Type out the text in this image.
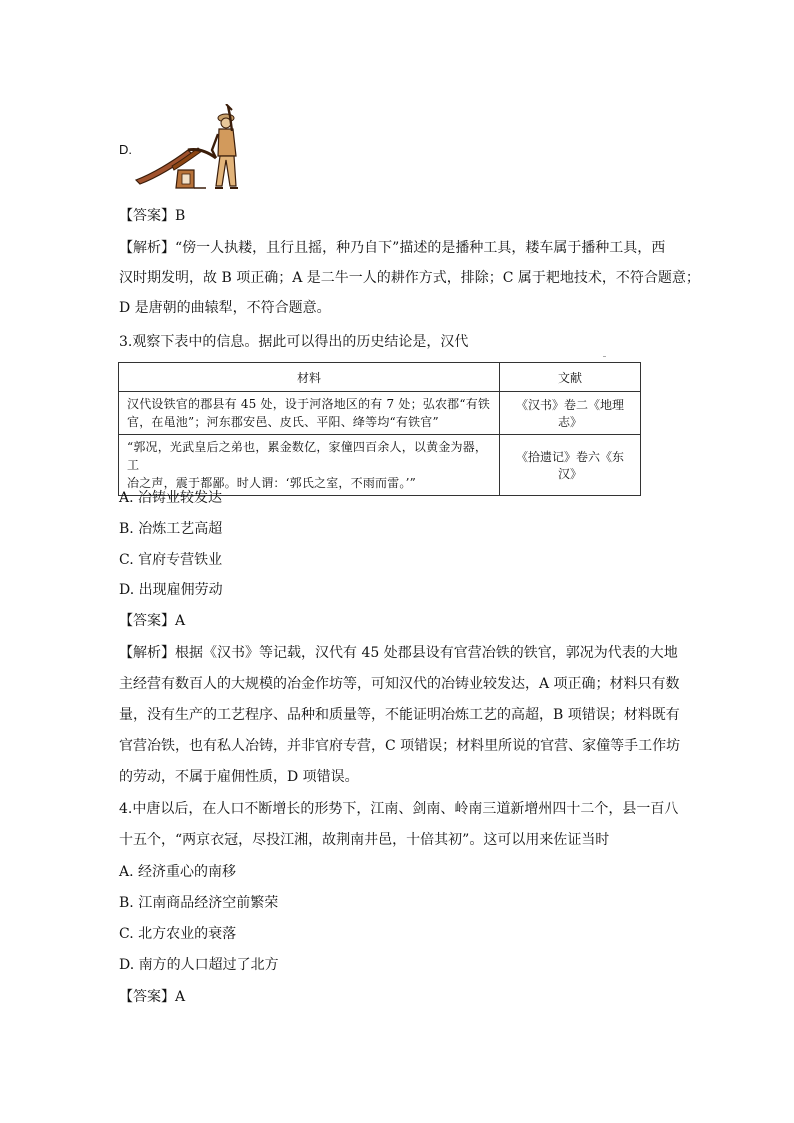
D.
【答案】B
【解析】“傍一人执耧，且行且摇，种乃自下”描述的是播种工具，耧车属于播种工具，西
汉时期发明，故 B 项正确；A 是二牛一人的耕作方式，排除；C 属于耙地技术，不符合题意；
D 是唐朝的曲辕犁，不符合题意。
3.观察下表中的信息。据此可以得出的历史结论是，汉代
材料	文献

汉代设铁官的郡县有 45 处，设于河洛地区的有 7 处；弘农郡“有铁
官，在黾池”；河东郡安邑、皮氏、平阳、绛等均“有铁官”	《汉书》卷二《地理志》

“郭况，光武皇后之弟也，累金数亿，家僮四百余人，以黄金为器，工
冶之声，震于都鄙。时人谓：‘郭氏之室，不雨而雷。’”	《拾遗记》卷六《东汉》
A. 冶铸业较发达
B. 冶炼工艺高超
C. 官府专营铁业
D. 出现雇佣劳动
【答案】A
【解析】根据《汉书》等记载，汉代有 45 处郡县设有官营冶铁的铁官，郭况为代表的大地
主经营有数百人的大规模的冶金作坊等，可知汉代的冶铸业较发达，A 项正确；材料只有数
量，没有生产的工艺程序、品种和质量等，不能证明冶炼工艺的高超，B 项错误；材料既有
官营冶铁，也有私人冶铸，并非官府专营，C 项错误；材料里所说的官营、家僮等手工作坊
的劳动，不属于雇佣性质，D 项错误。
4.中唐以后，在人口不断增长的形势下，江南、剑南、岭南三道新增州四十二个，县一百八
十五个，“两京衣冠，尽投江湘，故荆南井邑，十倍其初”。这可以用来佐证当时
A. 经济重心的南移
B. 江南商品经济空前繁荣
C. 北方农业的衰落
D. 南方的人口超过了北方
【答案】A
